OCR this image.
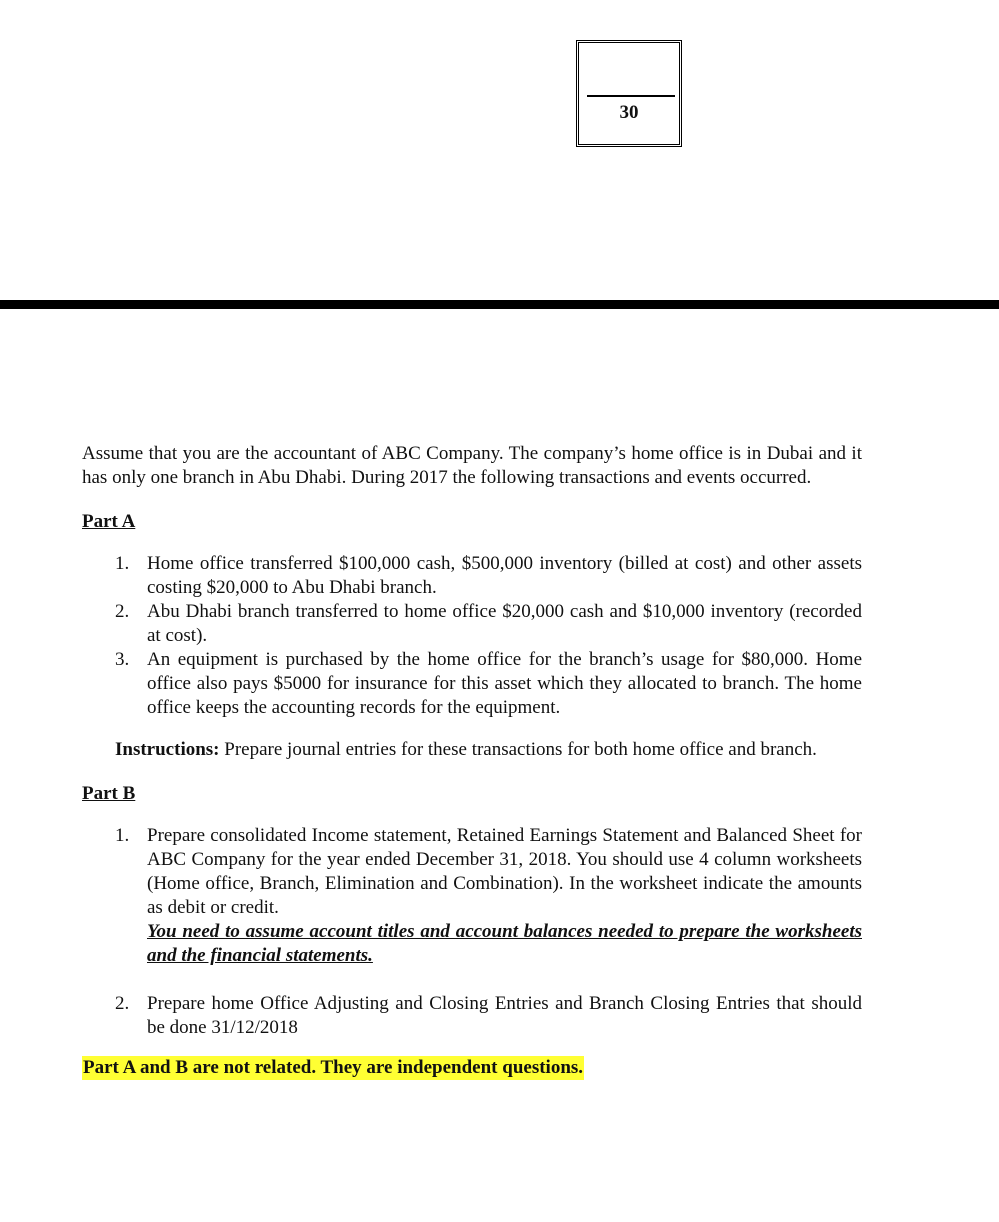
30

Assume that you are the accountant of ABC Company. The company’s home office is in Dubai and it has only one branch in Abu Dhabi. During 2017 the following transactions and events occurred.

Part A
1. Home office transferred $100,000 cash, $500,000 inventory (billed at cost) and other assets costing $20,000 to Abu Dhabi branch.
2. Abu Dhabi branch transferred to home office $20,000 cash and $10,000 inventory (recorded at cost).
3. An equipment is purchased by the home office for the branch’s usage for $80,000. Home office also pays $5000 for insurance for this asset which they allocated to branch. The home office keeps the accounting records for the equipment.

Instructions: Prepare journal entries for these transactions for both home office and branch.

Part B
1. Prepare consolidated Income statement, Retained Earnings Statement and Balanced Sheet for ABC Company for the year ended December 31, 2018. You should use 4 column worksheets (Home office, Branch, Elimination and Combination). In the worksheet indicate the amounts as debit or credit.
You need to assume account titles and account balances needed to prepare the worksheets and the financial statements.
2. Prepare home Office Adjusting and Closing Entries and Branch Closing Entries that should be done 31/12/2018
Part A and B are not related. They are independent questions.
